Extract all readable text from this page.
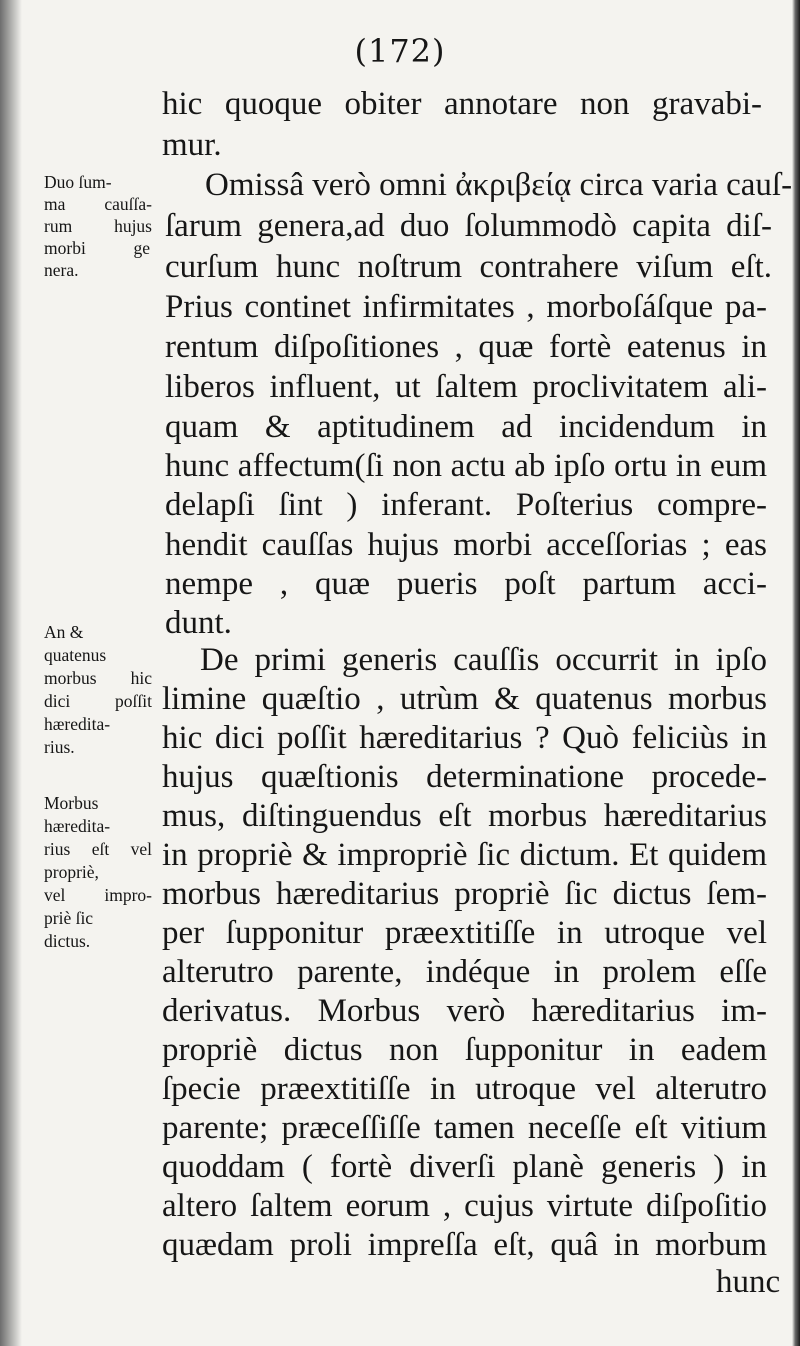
(172)
hic quoque obiter annotare non gravabi-
mur.
Omissâ verò omni ἀκριβείᾳ circa varia cauſ-
ſarum genera,ad duo ſolummodò capita diſ-
curſum hunc noſtrum contrahere viſum eſt.
Prius continet infirmitates , morboſáſque pa-
rentum diſpoſitiones , quæ fortè eatenus in
liberos influent, ut ſaltem proclivitatem ali-
quam & aptitudinem ad incidendum in
hunc affectum(ſi non actu ab ipſo ortu in eum
delapſi ſint ) inferant. Poſterius compre-
hendit cauſſas hujus morbi acceſſorias ; eas
nempe , quæ pueris poſt partum acci-
dunt.
De primi generis cauſſis occurrit in ipſo
limine quæſtio , utrùm & quatenus morbus
hic dici poſſit hæreditarius ? Quò feliciùs in
hujus quæſtionis determinatione procede-
mus, diſtinguendus eſt morbus hæreditarius
in propriè & impropriè ſic dictum. Et quidem
morbus hæreditarius propriè ſic dictus ſem-
per ſupponitur præextitiſſe in utroque vel
alterutro parente, indéque in prolem eſſe
derivatus. Morbus verò hæreditarius im-
propriè dictus non ſupponitur in eadem
ſpecie præextitiſſe in utroque vel alterutro
parente; præceſſiſſe tamen neceſſe eſt vitium
quoddam ( fortè diverſi planè generis ) in
altero ſaltem eorum , cujus virtute diſpoſitio
quædam proli impreſſa eſt, quâ in morbum
hunc
Duo ſum-
ma cauſſa-
rum hujus
morbi ge
nera.
An &
quatenus
morbus hic
dici poſſit
hæredita-
rius.
Morbus
hæredita-
rius eſt vel
propriè,
vel impro-
priè ſic
dictus.
